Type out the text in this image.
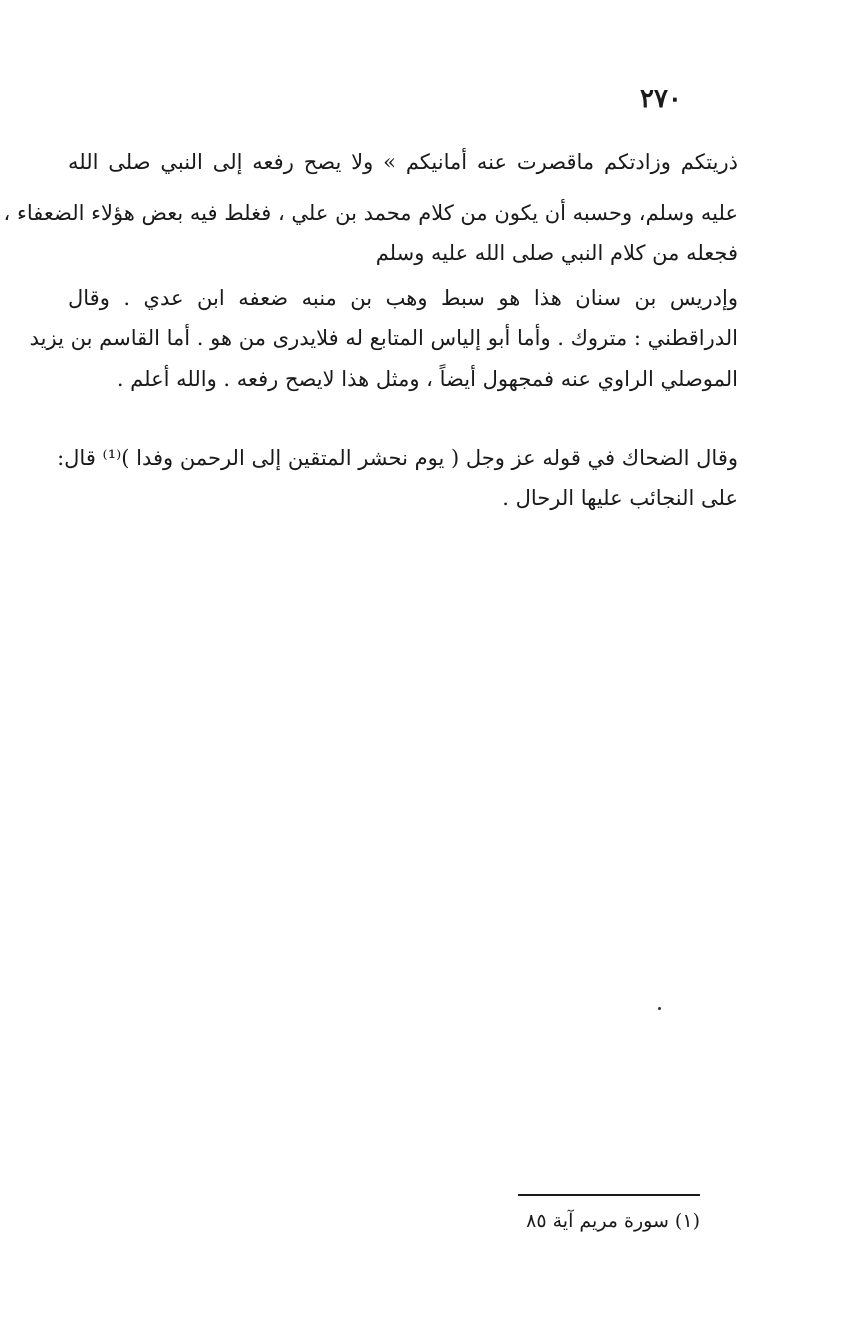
٢٧٠
ذريتكم وزادتكم ماقصرت عنه أمانيكم » ولا يصح رفعه إلى النبي صلى الله
عليه وسلم، وحسبه أن يكون من كلام محمد بن علي ، فغلط فيه بعض هؤلاء الضعفاء ،
فجعله من كلام النبي صلى الله عليه وسلم
وإدريس بن سنان هذا هو سبط وهب بن منبه ضعفه ابن عدي . وقال
الدراقطني : متروك . وأما أبو إلياس المتابع له فلايدرى من هو . أما القاسم بن يزيد
الموصلي الراوي عنه فمجهول أيضاً ، ومثل هذا لايصح رفعه . والله أعلم .
وقال الضحاك في قوله عز وجل ( يوم نحشر المتقين إلى الرحمن وفدا )⁽¹⁾ قال:
على النجائب عليها الرحال .
(١) سورة مريم آية ٨٥
